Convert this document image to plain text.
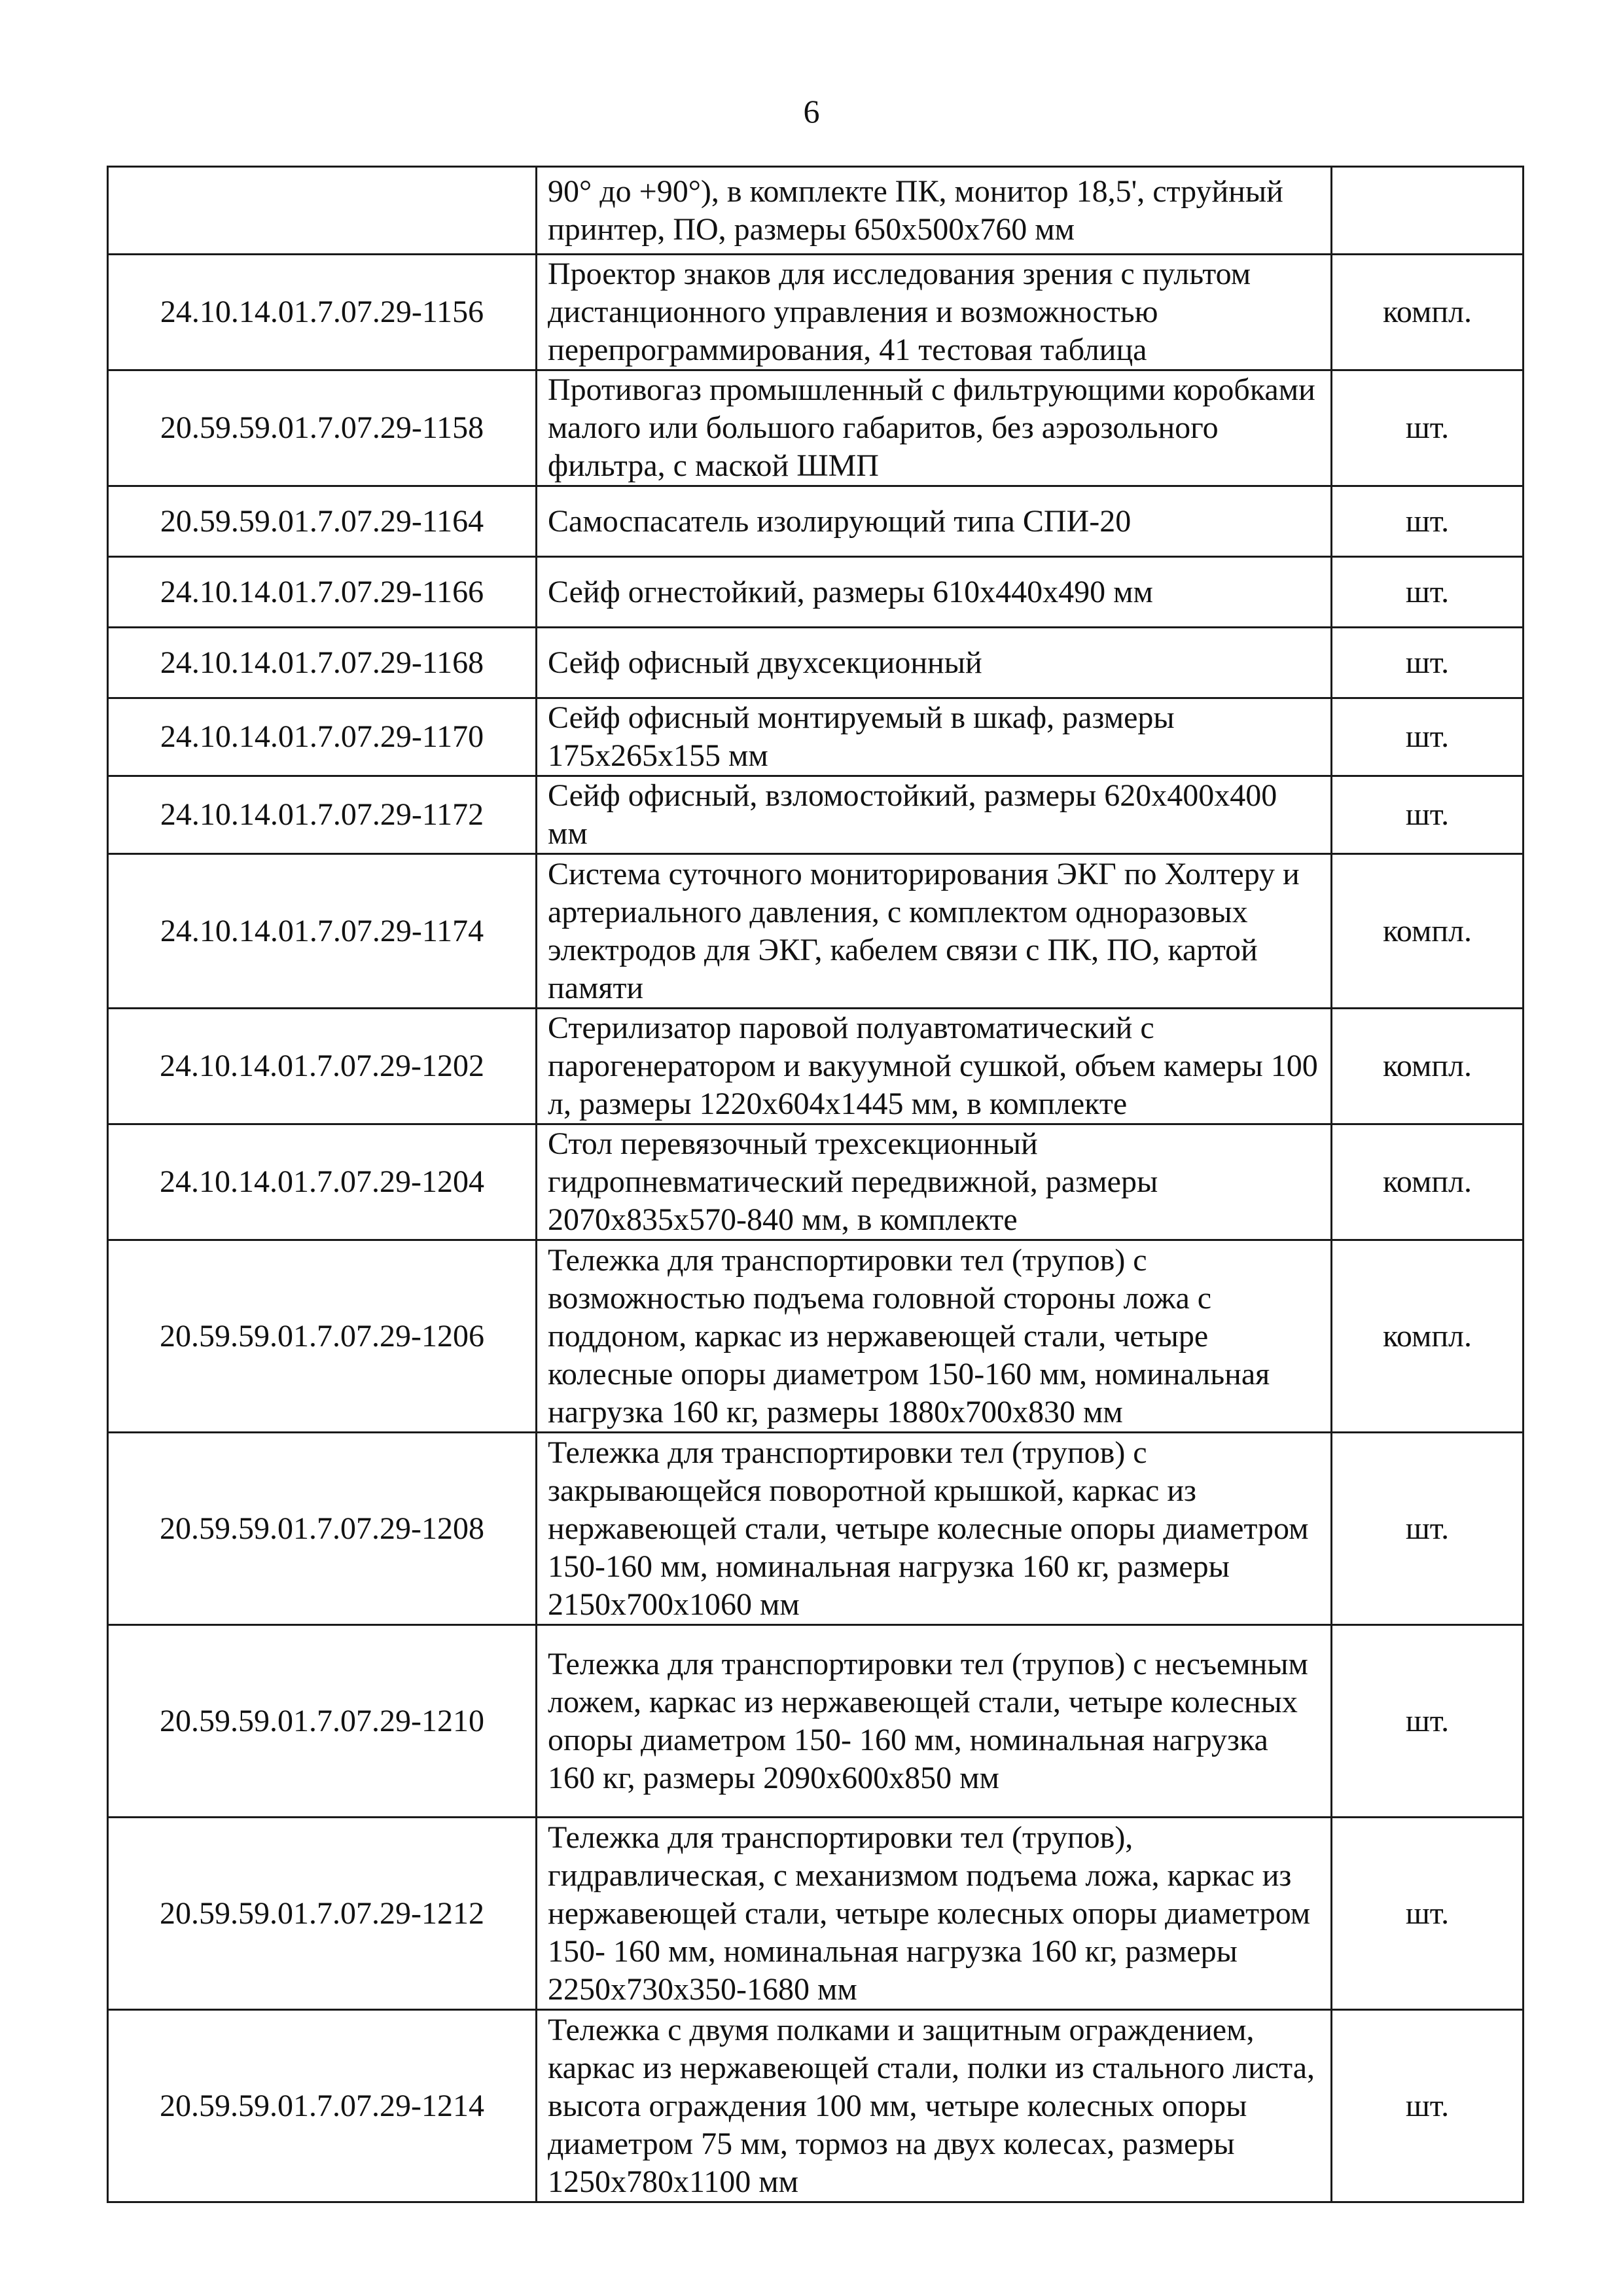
6
	90° до +90°), в комплекте ПК, монитор 18,5', струйный принтер, ПО, размеры 650х500х760 мм	
24.10.14.01.7.07.29-1156	Проектор знаков для исследования зрения с пультом дистанционного управления и возможностью перепрограммирования, 41 тестовая таблица	компл.
20.59.59.01.7.07.29-1158	Противогаз промышленный с фильтрующими коробками малого или большого габаритов, без аэрозольного фильтра, с маской ШМП	шт.
20.59.59.01.7.07.29-1164	Самоспасатель изолирующий типа СПИ-20	шт.
24.10.14.01.7.07.29-1166	Сейф огнестойкий, размеры 610х440х490 мм	шт.
24.10.14.01.7.07.29-1168	Сейф офисный двухсекционный	шт.
24.10.14.01.7.07.29-1170	Сейф офисный монтируемый в шкаф, размеры 175х265х155 мм	шт.
24.10.14.01.7.07.29-1172	Сейф офисный, взломостойкий, размеры 620х400х400 мм	шт.
24.10.14.01.7.07.29-1174	Система суточного мониторирования ЭКГ по Холтеру и артериального давления, с комплектом одноразовых электродов для ЭКГ, кабелем связи с ПК, ПО, картой памяти	компл.
24.10.14.01.7.07.29-1202	Стерилизатор паровой полуавтоматический с парогенератором и вакуумной сушкой, объем камеры 100 л, размеры 1220х604х1445 мм, в комплекте	компл.
24.10.14.01.7.07.29-1204	Стол перевязочный трехсекционный гидропневматический передвижной, размеры 2070х835х570-840 мм, в комплекте	компл.
20.59.59.01.7.07.29-1206	Тележка для транспортировки тел (трупов) с возможностью подъема головной стороны ложа с поддоном, каркас из нержавеющей стали, четыре колесные опоры диаметром 150-160 мм, номинальная нагрузка 160 кг, размеры 1880х700х830 мм	компл.
20.59.59.01.7.07.29-1208	Тележка для транспортировки тел (трупов) с закрывающейся поворотной крышкой, каркас из нержавеющей стали, четыре колесные опоры диаметром 150-160 мм, номинальная нагрузка 160 кг, размеры 2150х700х1060 мм	шт.
20.59.59.01.7.07.29-1210	Тележка для транспортировки тел (трупов) с несъемным ложем, каркас из нержавеющей стали, четыре колесных опоры диаметром 150- 160 мм, номинальная нагрузка 160 кг, размеры 2090х600х850 мм	шт.
20.59.59.01.7.07.29-1212	Тележка для транспортировки тел (трупов), гидравлическая, с механизмом подъема ложа, каркас из нержавеющей стали, четыре колесных опоры диаметром 150- 160 мм, номинальная нагрузка 160 кг, размеры 2250х730х350-1680 мм	шт.
20.59.59.01.7.07.29-1214	Тележка с двумя полками и защитным ограждением, каркас из нержавеющей стали, полки из стального листа, высота ограждения 100 мм, четыре колесных опоры диаметром 75 мм, тормоз на двух колесах, размеры 1250х780х1100 мм	шт.
